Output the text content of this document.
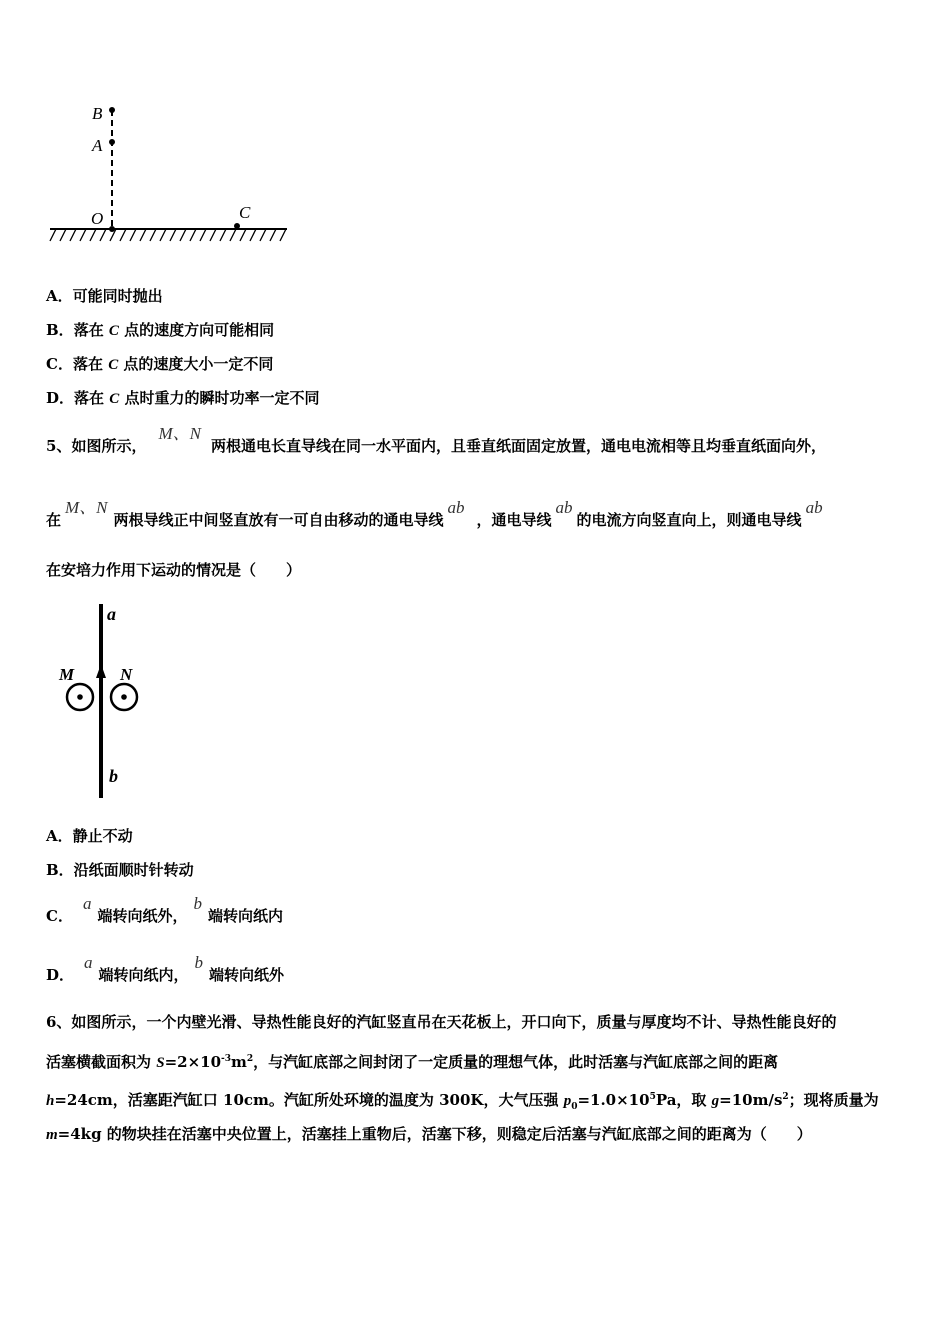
B
A
O	C
A．可能同时抛出
B．落在 C 点的速度方向可能相同
C．落在 C 点的速度大小一定不同
D．落在 C 点时重力的瞬时功率一定不同
5、如图所示，M、N两根通电长直导线在同一水平面内，且垂直纸面固定放置，通电电流相等且均垂直纸面向外，
在M、N两根导线正中间竖直放有一可自由移动的通电导线ab，通电导线ab的电流方向竖直向上，则通电导线ab
在安培力作用下运动的情况是（　　）
a
b
M	N
A．静止不动
B．沿纸面顺时针转动
C．a端转向纸外，b端转向纸内
D．a端转向纸内，b端转向纸外
6、如图所示，一个内壁光滑、导热性能良好的汽缸竖直吊在天花板上，开口向下，质量与厚度均不计、导热性能良好的
活塞横截面积为 $S=2\times 10^{-3}m^2$，与汽缸底部之间封闭了一定质量的理想气体，此时活塞与汽缸底部之间的距离
h=24cm，活塞距汽缸口 10cm。汽缸所处环境的温度为 300K，大气压强 $p_0=1.0\times 10^5Pa$，取 $g=10m/s^2$；现将质量为
m=4kg 的物块挂在活塞中央位置上，活塞挂上重物后，活塞下移，则稳定后活塞与汽缸底部之间的距离为（　　）
